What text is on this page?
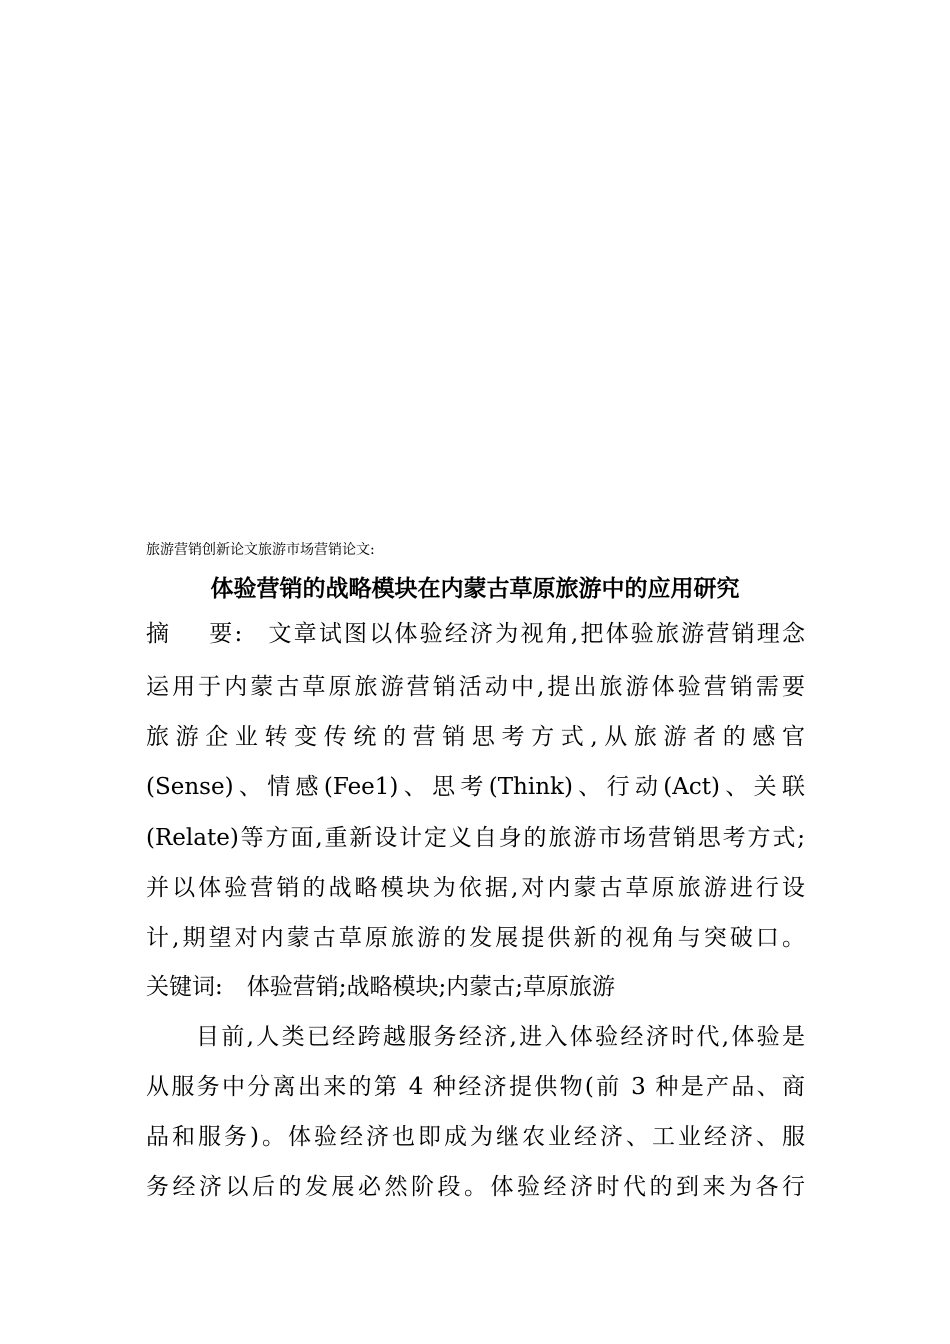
旅游营销创新论文旅游市场营销论文:
体验营销的战略模块在内蒙古草原旅游中的应用研究
摘    要: 文章试图以体验经济为视角,把体验旅游营销理念
运用于内蒙古草原旅游营销活动中,提出旅游体验营销需要
旅游企业转变传统的营销思考方式,从旅游者的感官
(Sense)、情感(Fee1)、思考(Think)、行动(Act)、关联
(Relate)等方面,重新设计定义自身的旅游市场营销思考方式;
并以体验营销的战略模块为依据,对内蒙古草原旅游进行设
计,期望对内蒙古草原旅游的发展提供新的视角与突破口。
关键词: 体验营销;战略模块;内蒙古;草原旅游
目前,人类已经跨越服务经济,进入体验经济时代,体验是
从服务中分离出来的第 4 种经济提供物(前 3 种是产品、商
品和服务)。体验经济也即成为继农业经济、工业经济、服
务经济以后的发展必然阶段。体验经济时代的到来为各行
